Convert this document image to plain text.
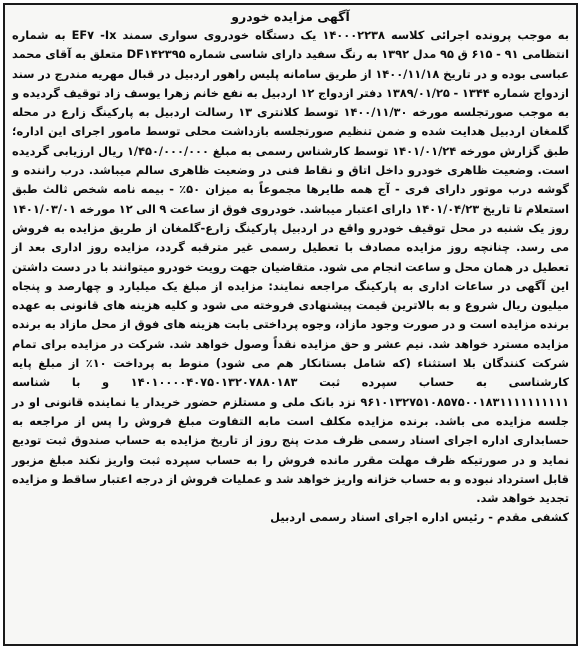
آگهی مزایده خودرو

به موجب پرونده اجرائی کلاسه ۱۴۰۰۰۲۲۳۸ یک دستگاه خودروی سواری سمند EF۷ -Ix به شماره انتظامی ۹۱ - ۶۱۵ ق ۹۵ مدل ۱۳۹۲ به رنگ سفید دارای شاسی شماره DF۱۴۲۳۹۵ متعلق به آقای محمد عباسی بوده و در تاریخ ۱۴۰۰/۱۱/۱۸ از طریق سامانه پلیس راهور اردبیل در قبال مهریه مندرج در سند ازدواج شماره ۱۳۴۴ - ۱۳۸۹/۰۱/۲۵ دفتر ازدواج ۱۲ اردبیل به نفع خانم زهرا یوسف زاد توقیف گردیده و به موجب صورتجلسه مورخه ۱۴۰۰/۱۱/۳۰ توسط کلانتری ۱۳ رسالت اردبیل به پارکینگ زارع در محله گلمغان اردبیل هدایت شده و ضمن تنظیم صورتجلسه بازداشت محلی توسط مامور اجرای این اداره؛ طبق گزارش مورخه ۱۴۰۱/۰۱/۲۴ توسط کارشناس رسمی به مبلغ ۱/۴۵۰/۰۰۰/۰۰۰ ریال ارزیابی گردیده است. وضعیت ظاهری خودرو داخل اتاق و نقاط فنی در وضعیت ظاهری سالم میباشد. درب راننده و گوشه درب موتور دارای فری - آج همه طایرها مجموعاً به میزان ۵۰٪ - بیمه نامه شخص ثالث طبق استعلام تا تاریخ ۱۴۰۱/۰۴/۲۳ دارای اعتبار میباشد. خودروی فوق از ساعت ۹ الی ۱۲ مورخه ۱۴۰۱/۰۳/۰۱ روز یک شنبه در محل توقیف خودرو واقع در اردبیل پارکینگ زارع-گلمغان از طریق مزایده به فروش می رسد. چنانچه روز مزایده مصادف با تعطیل رسمی غیر مترقبه گردد، مزایده روز اداری بعد از تعطیل در همان محل و ساعت انجام می شود. متقاضیان جهت رویت خودرو میتوانند با در دست داشتن این آگهی در ساعات اداری به پارکینگ مراجعه نمایند: مزایده از مبلغ یک میلیارد و چهارصد و پنجاه میلیون ریال شروع و به بالاترین قیمت پیشنهادی فروخته می شود و کلیه هزینه های قانونی به عهده برنده مزایده است و در صورت وجود مازاد، وجوه پرداختی بابت هزینه های فوق از محل مازاد به برنده مزایده مسترد خواهد شد. نیم عشر و حق مزایده نقداً وصول خواهد شد. شرکت در مزایده برای تمام شرکت کنندگان بلا استثناء (که شامل بستانکار هم می شود) منوط به پرداخت ۱۰٪ از مبلغ پایه کارشناسی به حساب سپرده ثبت ۱۴۰۱۰۰۰۰۴۰۷۵۰۱۳۲۰۷۸۸۰۱۸۳ و با شناسه ۹۶۱۰۱۳۲۷۵۱۰۸۵۷۵۰۰۱۸۳۱۱۱۱۱۱۱۱۱۱ نزد بانک ملی و مستلزم حضور خریدار یا نماینده قانونی او در جلسه مزایده می باشد. برنده مزایده مکلف است مابه التفاوت مبلغ فروش را پس از مراجعه به حسابداری اداره اجرای اسناد رسمی ظرف مدت پنج روز از تاریخ مزایده به حساب صندوق ثبت تودیع نماید و در صورتیکه ظرف مهلت مقرر مانده فروش را به حساب سپرده ثبت واریز نکند مبلغ مزبور قابل استرداد نبوده و به حساب خزانه واریز خواهد شد و عملیات فروش از درجه اعتبار ساقط و مزایده تجدید خواهد شد.

کشفی مقدم - رئیس اداره اجرای اسناد رسمی اردبیل
